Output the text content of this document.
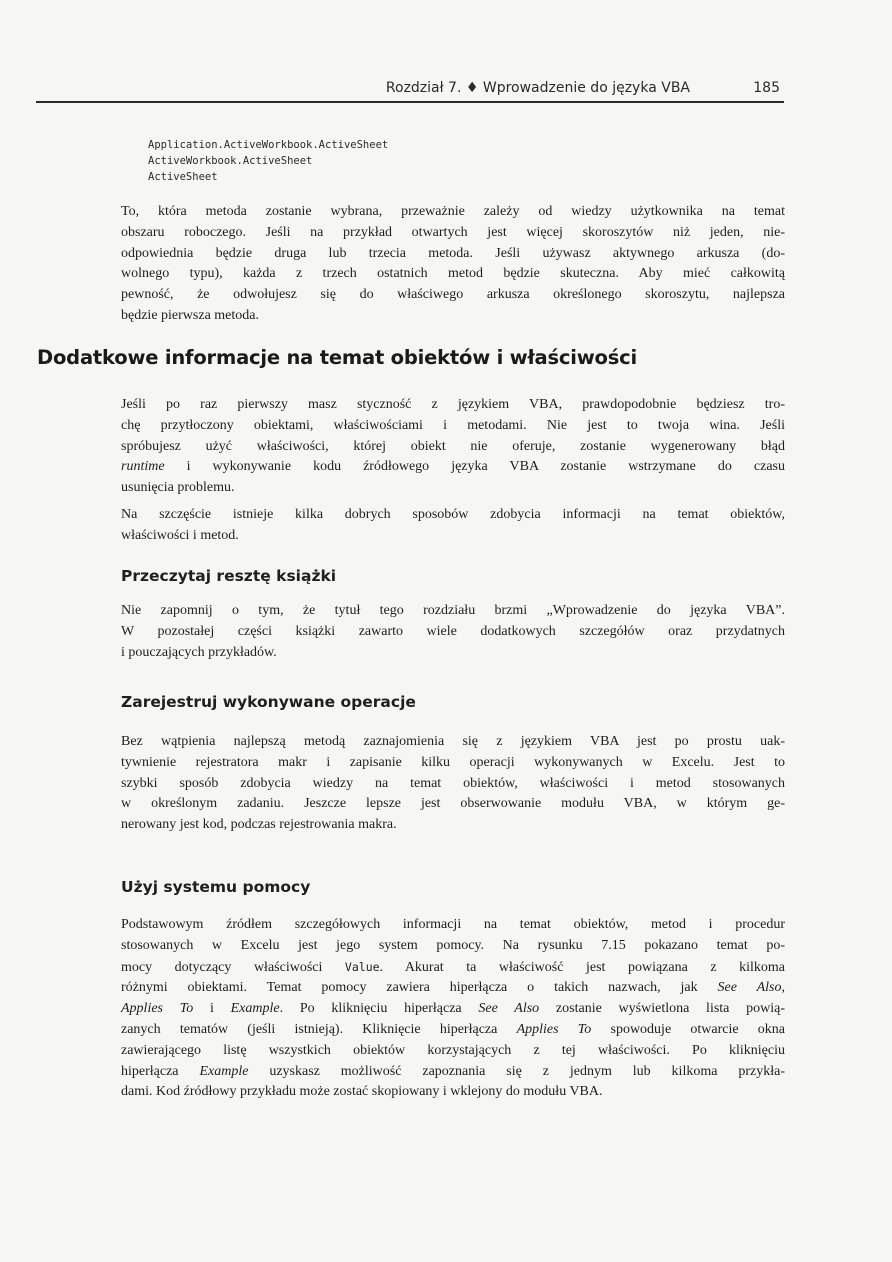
Rozdział 7. ♦ Wprowadzenie do języka VBA	185
Application.ActiveWorkbook.ActiveSheet
ActiveWorkbook.ActiveSheet
ActiveSheet
To, która metoda zostanie wybrana, przeważnie zależy od wiedzy użytkownika na temat
obszaru roboczego. Jeśli na przykład otwartych jest więcej skoroszytów niż jeden, nie-
odpowiednia będzie druga lub trzecia metoda. Jeśli używasz aktywnego arkusza (do-
wolnego typu), każda z trzech ostatnich metod będzie skuteczna. Aby mieć całkowitą
pewność, że odwołujesz się do właściwego arkusza określonego skoroszytu, najlepsza
będzie pierwsza metoda.
Dodatkowe informacje na temat obiektów i właściwości
Jeśli po raz pierwszy masz styczność z językiem VBA, prawdopodobnie będziesz tro-
chę przytłoczony obiektami, właściwościami i metodami. Nie jest to twoja wina. Jeśli
spróbujesz użyć właściwości, której obiekt nie oferuje, zostanie wygenerowany błąd
runtime i wykonywanie kodu źródłowego języka VBA zostanie wstrzymane do czasu
usunięcia problemu.
Na szczęście istnieje kilka dobrych sposobów zdobycia informacji na temat obiektów,
właściwości i metod.
Przeczytaj resztę książki
Nie zapomnij o tym, że tytuł tego rozdziału brzmi „Wprowadzenie do języka VBA”.
W pozostałej części książki zawarto wiele dodatkowych szczegółów oraz przydatnych
i pouczających przykładów.
Zarejestruj wykonywane operacje
Bez wątpienia najlepszą metodą zaznajomienia się z językiem VBA jest po prostu uak-
tywnienie rejestratora makr i zapisanie kilku operacji wykonywanych w Excelu. Jest to
szybki sposób zdobycia wiedzy na temat obiektów, właściwości i metod stosowanych
w określonym zadaniu. Jeszcze lepsze jest obserwowanie modułu VBA, w którym ge-
nerowany jest kod, podczas rejestrowania makra.
Użyj systemu pomocy
Podstawowym źródłem szczegółowych informacji na temat obiektów, metod i procedur
stosowanych w Excelu jest jego system pomocy. Na rysunku 7.15 pokazano temat po-
mocy dotyczący właściwości Value. Akurat ta właściwość jest powiązana z kilkoma
różnymi obiektami. Temat pomocy zawiera hiperłącza o takich nazwach, jak See Also,
Applies To i Example. Po kliknięciu hiperłącza See Also zostanie wyświetlona lista powią-
zanych tematów (jeśli istnieją). Kliknięcie hiperłącza Applies To spowoduje otwarcie okna
zawierającego listę wszystkich obiektów korzystających z tej właściwości. Po kliknięciu
hiperłącza Example uzyskasz możliwość zapoznania się z jednym lub kilkoma przykła-
dami. Kod źródłowy przykładu może zostać skopiowany i wklejony do modułu VBA.
